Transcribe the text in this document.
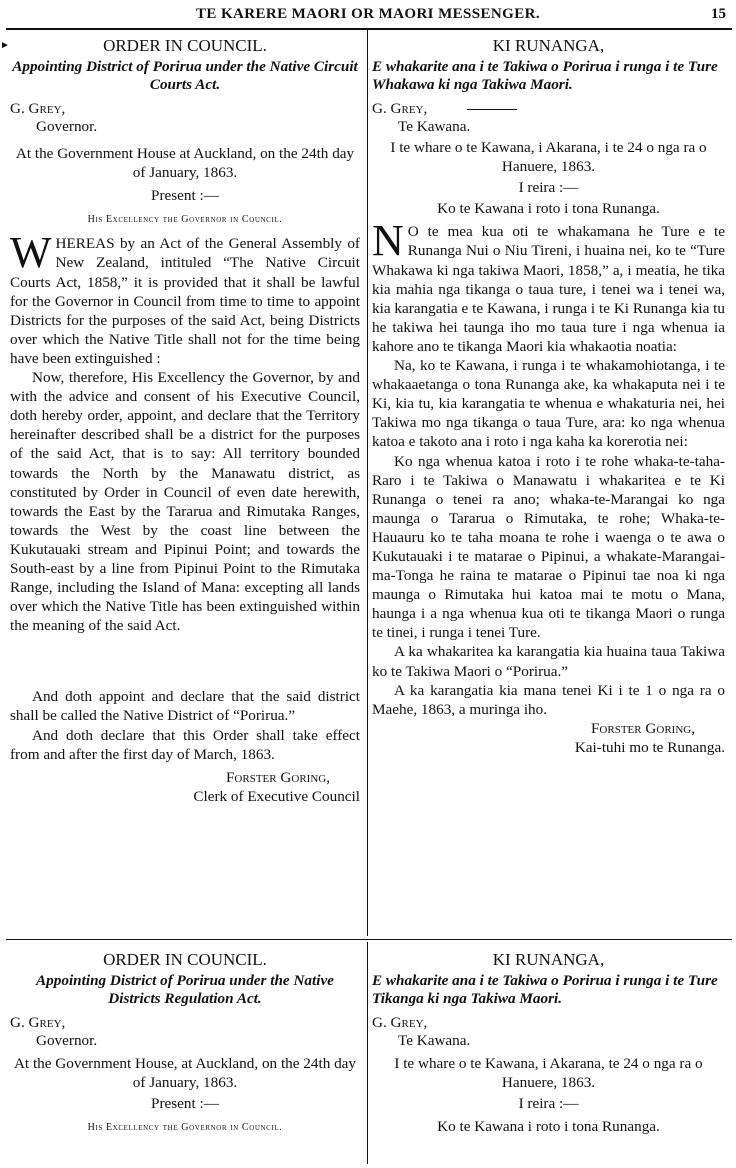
TE KARERE MAORI OR MAORI MESSENGER.	15
►	ORDER IN COUNCIL.

Appointing District of Porirua under the Native Circuit Courts Act.

G. Grey,

Governor.

At the Government House at Auckland, on the 24th day of January, 1863.

Present :—

His Excellency the Governor in Council.

WHEREAS by an Act of the General Assembly of New Zealand, intituled “The Native Circuit Courts Act, 1858,” it is provided that it shall be lawful for the Governor in Council from time to time to appoint Districts for the purposes of the said Act, being Districts over which the Native Title shall not for the time being have been extinguished :

Now, therefore, His Excellency the Governor, by and with the advice and consent of his Executive Council, doth hereby order, appoint, and declare that the Territory hereinafter described shall be a district for the purposes of the said Act, that is to say: All territory bounded towards the North by the Manawatu district, as constituted by Order in Council of even date herewith, towards the East by the Tararua and Rimutaka Ranges, towards the West by the coast line between the Kukutauaki stream and Pipinui Point; and towards the South-east by a line from Pipinui Point to the Rimutaka Range, including the Island of Mana: excepting all lands over which the Native Title has been extinguished within the meaning of the said Act.

And doth appoint and declare that the said district shall be called the Native District of “Porirua.”

And doth declare that this Order shall take effect from and after the first day of March, 1863.

Forster Goring,

Clerk of Executive Council

KI RUNANGA,

E whakarite ana i te Takiwa o Porirua i runga i te Ture Whakawa ki nga Takiwa Maori.

G. Grey,

Te Kawana.

I te whare o te Kawana, i Akarana, i te 24 o nga ra o Hanuere, 1863.

I reira :—

Ko te Kawana i roto i tona Runanga.

N O te mea kua oti te whakamana he Ture e te Runanga Nui o Niu Tireni, i huaina nei, ko te “Ture Whakawa ki nga takiwa Maori, 1858,” a, i meatia, he tika kia mahia nga tikanga o taua ture, i tenei wa i tenei wa, kia karangatia e te Kawana, i runga i te Ki Runanga kia tu he takiwa hei taunga iho mo taua ture i nga whenua ia kahore ano te tikanga Maori kia whakaotia noatia:

Na, ko te Kawana, i runga i te whakamohiotanga, i te whakaaetanga o tona Runanga ake, ka whakaputa nei i te Ki, kia tu, kia karangatia te whenua e whakaturia nei, hei Takiwa mo nga tikanga o taua Ture, ara: ko nga whenua katoa e takoto ana i roto i nga kaha ka korerotia nei:

Ko nga whenua katoa i roto i te rohe whaka-te-taha-Raro i te Takiwa o Manawatu i whakaritea e te Ki Runanga o tenei ra ano; whaka-te-Marangai ko nga maunga o Tararua o Rimutaka, te rohe; Whaka-te-Hauauru ko te taha moana te rohe i waenga o te awa o Kukutauaki i te matarae o Pipinui, a whakate-Marangai-ma-Tonga he raina te matarae o Pipinui tae noa ki nga maunga o Rimutaka hui katoa mai te motu o Mana, haunga i a nga whenua kua oti te tikanga Maori o runga te tinei, i runga i tenei Ture.

A ka whakaritea ka karangatia kia huaina taua Takiwa ko te Takiwa Maori o “Porirua.”

A ka karangatia kia mana tenei Ki i te 1 o nga ra o Maehe, 1863, a muringa iho.

Forster Goring,

Kai-tuhi mo te Runanga.

ORDER IN COUNCIL.

Appointing District of Porirua under the Native Districts Regulation Act.

G. Grey,

Governor.

At the Government House, at Auckland, on the 24th day of January, 1863.

Present :—

His Excellency the Governor in Council.

KI RUNANGA,

E whakarite ana i te Takiwa o Porirua i runga i te Ture Tikanga ki nga Takiwa Maori.

G. Grey,

Te Kawana.

I te whare o te Kawana, i Akarana, te 24 o nga ra o Hanuere, 1863.

I reira :—

Ko te Kawana i roto i tona Runanga.
